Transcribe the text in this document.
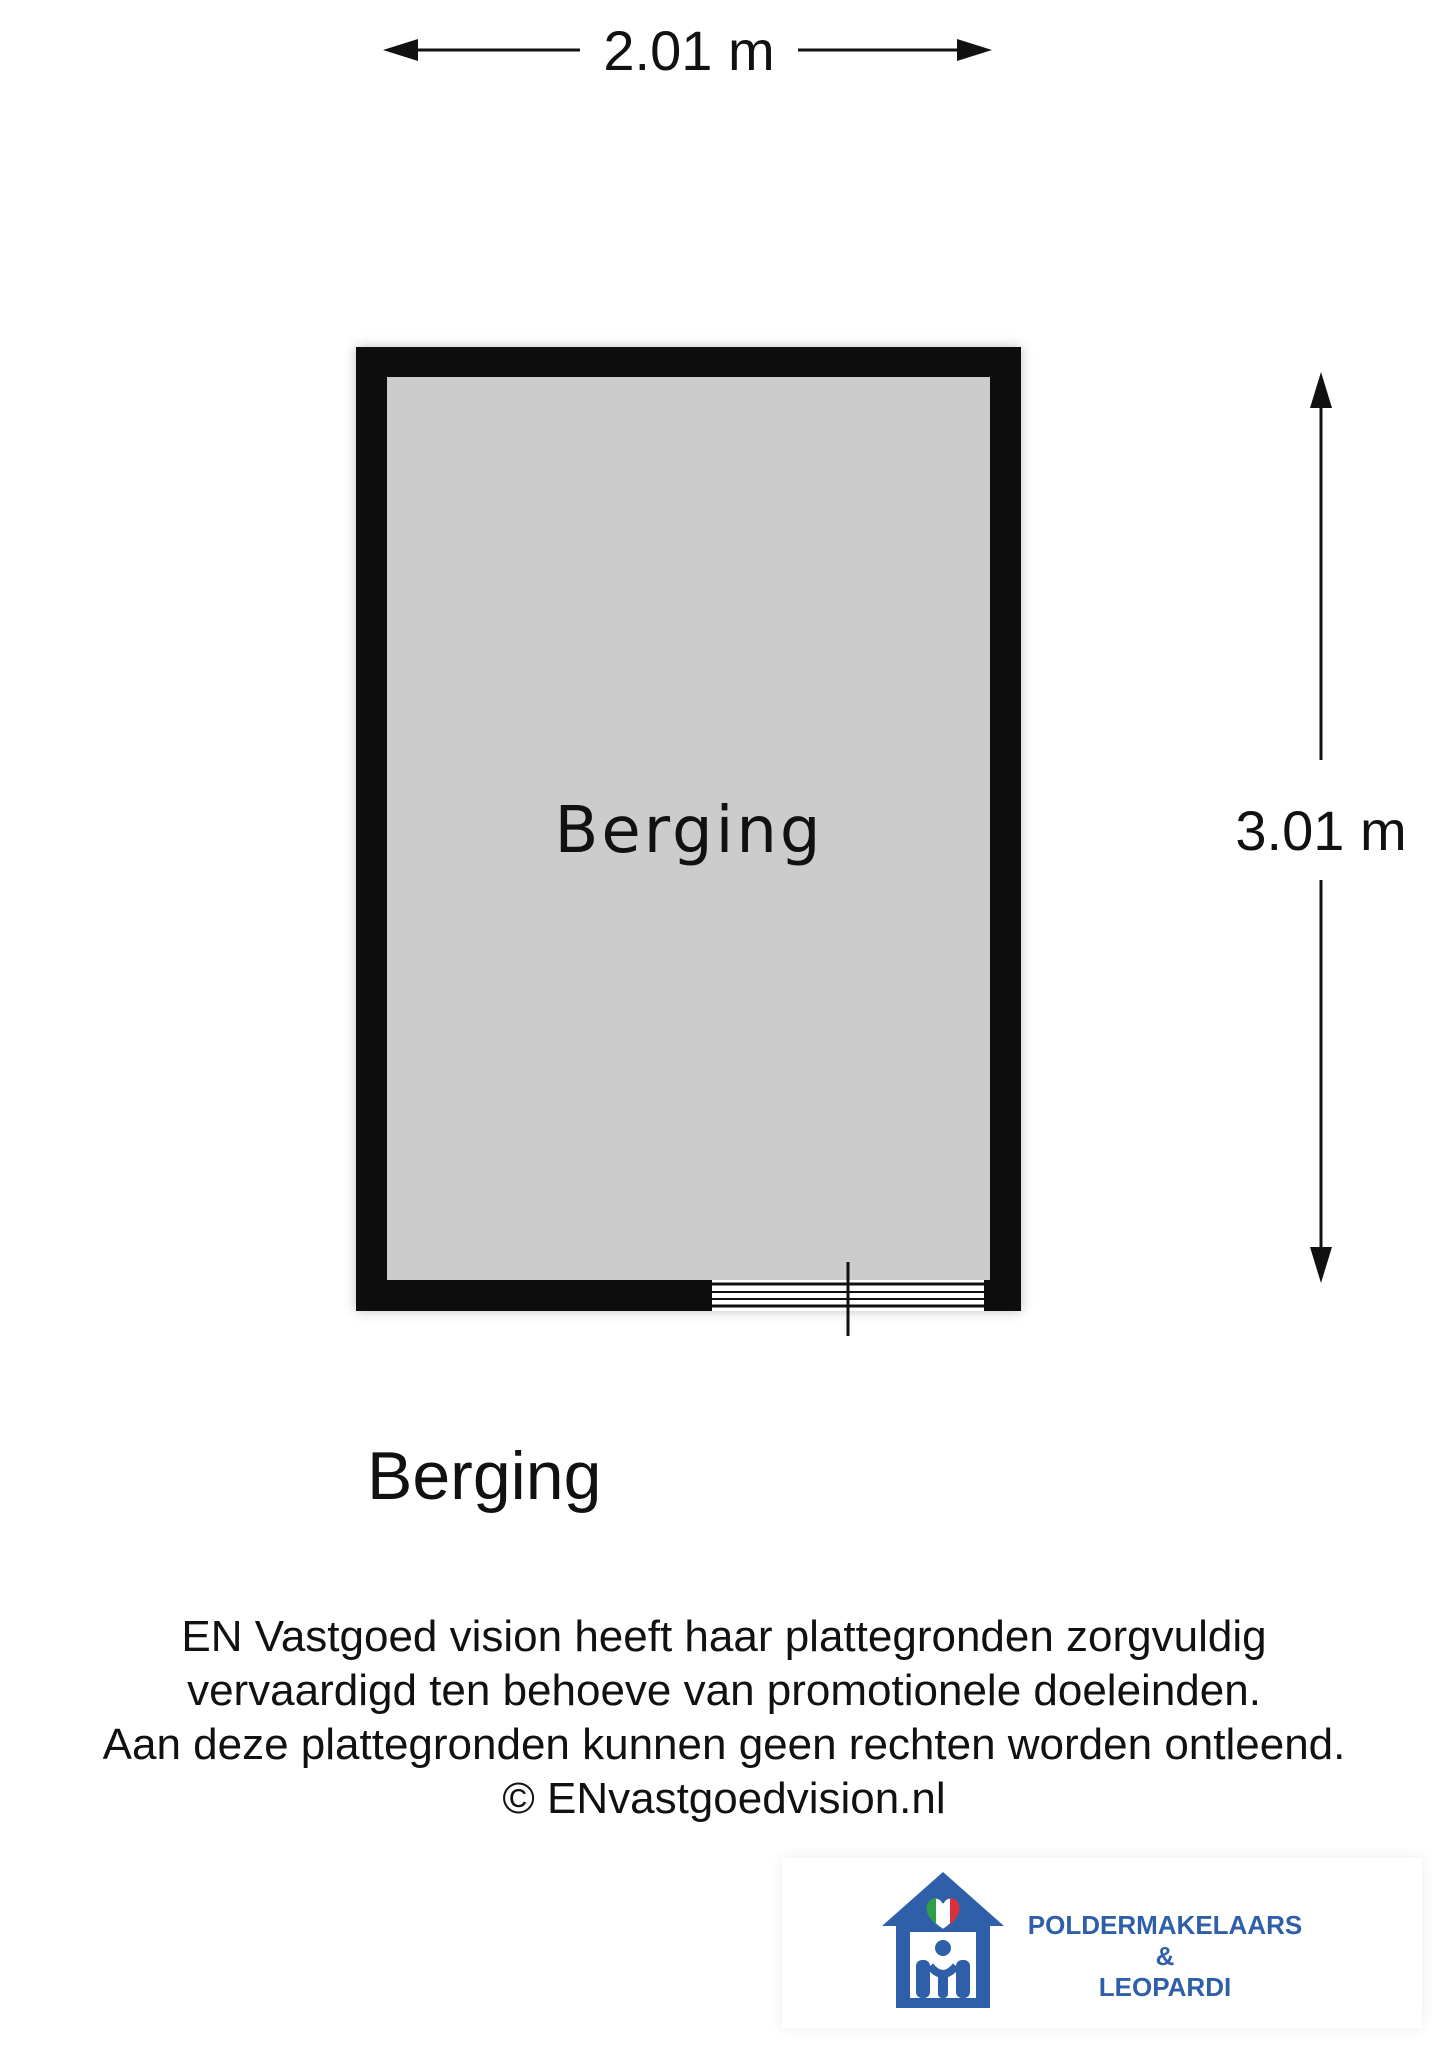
2.01 m
3.01 m
Berging
Berging
EN Vastgoed vision heeft haar plattegronden zorgvuldig
vervaardigd ten behoeve van promotionele doeleinden.
Aan deze plattegronden kunnen geen rechten worden ontleend.
© ENvastgoedvision.nl
POLDERMAKELAARS
&
LEOPARDI
